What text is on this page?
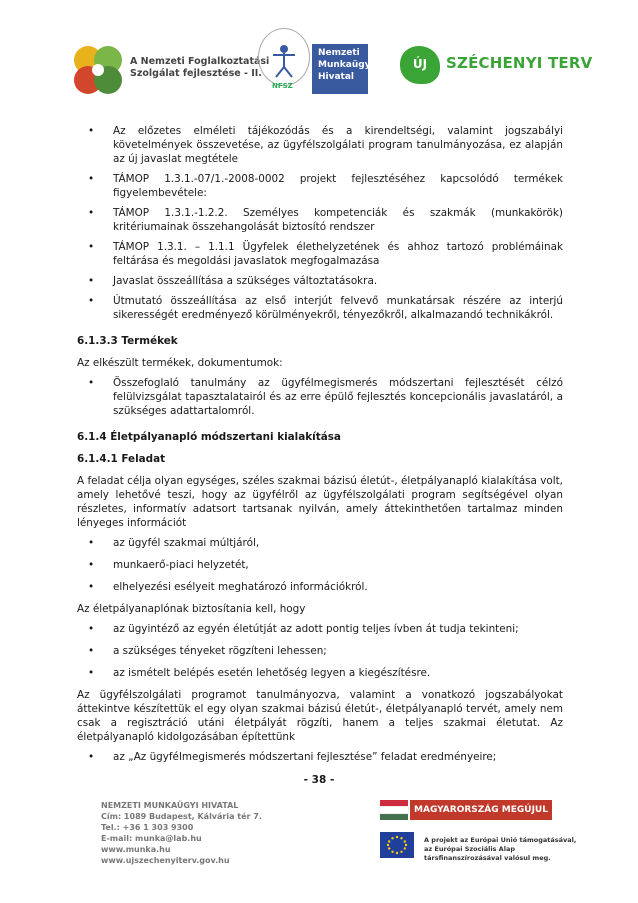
A Nemzeti Foglalkoztatási
Szolgálat fejlesztése - II.
NFSZ
Nemzeti
Munkaügyi
Hivatal
ÚJ	SZÉCHENYI TERV
• Az előzetes elméleti tájékozódás és a kirendeltségi, valamint jogszabályi követelmények összevetése, az ügyfélszolgálati program tanulmányozása, ez alapján az új javaslat megtétele
• TÁMOP 1.3.1.-07/1.-2008-0002 projekt fejlesztéséhez kapcsolódó termékek figyelembevétele:
• TÁMOP 1.3.1.-1.2.2. Személyes kompetenciák és szakmák (munkakörök) kritériumainak összehangolását biztosító rendszer
• TÁMOP 1.3.1. – 1.1.1 Ügyfelek élethelyzetének és ahhoz tartozó problémáinak feltárása és megoldási javaslatok megfogalmazása
• Javaslat összeállítása a szükséges változtatásokra.
• Útmutató összeállítása az első interjút felvevő munkatársak részére az interjú sikerességét eredményező körülményekről, tényezőkről, alkalmazandó technikákról.
6.1.3.3 Termékek
Az elkészült termékek, dokumentumok:
• Összefoglaló tanulmány az ügyfélmegismerés módszertani fejlesztését célzó felülvizsgálat tapasztalatairól és az erre épülő fejlesztés koncepcionális javaslatáról, a szükséges adattartalomról.
6.1.4 Életpályanapló módszertani kialakítása
6.1.4.1 Feladat
A feladat célja olyan egységes, széles szakmai bázisú életút-, életpályanapló kialakítása volt, amely lehetővé teszi, hogy az ügyfélről az ügyfélszolgálati program segítségével olyan részletes, informatív adatsort tartsanak nyilván, amely áttekinthetően tartalmaz minden lényeges információt
• az ügyfél szakmai múltjáról,
• munkaerő-piaci helyzetét,
• elhelyezési esélyeit meghatározó információkról.
Az életpályanaplónak biztosítania kell, hogy
• az ügyintéző az egyén életútját az adott pontig teljes ívben át tudja tekinteni;
• a szükséges tényeket rögzíteni lehessen;
• az ismételt belépés esetén lehetőség legyen a kiegészítésre.
Az ügyfélszolgálati programot tanulmányozva, valamint a vonatkozó jogszabályokat áttekintve készítettük el egy olyan szakmai bázisú életút-, életpályanapló tervét, amely nem csak a regisztráció utáni életpályát rögzíti, hanem a teljes szakmai életutat. Az életpályanapló kidolgozásában építettünk
• az „Az ügyfélmegismerés módszertani fejlesztése” feladat eredményeire;
- 38 -
NEMZETI MUNKAÜGYI HIVATAL
Cím: 1089 Budapest, Kálvária tér 7.
Tel.: +36 1 303 9300
E-mail: munka@lab.hu
www.munka.hu
www.ujszechenyiterv.gov.hu
MAGYARORSZÁG MEGÚJUL
A projekt az Európai Unió támogatásával,
az Európai Szociális Alap
társfinanszírozásával valósul meg.
